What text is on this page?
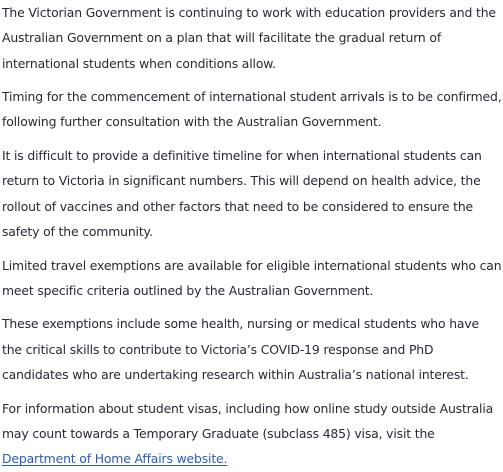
The Victorian Government is continuing to work with education providers and the Australian Government on a plan that will facilitate the gradual return of international students when conditions allow.

Timing for the commencement of international student arrivals is to be confirmed, following further consultation with the Australian Government.

It is difficult to provide a definitive timeline for when international students can return to Victoria in significant numbers. This will depend on health advice, the rollout of vaccines and other factors that need to be considered to ensure the safety of the community.

Limited travel exemptions are available for eligible international students who can meet specific criteria outlined by the Australian Government.

These exemptions include some health, nursing or medical students who have the critical skills to contribute to Victoria’s COVID-19 response and PhD candidates who are undertaking research within Australia’s national interest.

For information about student visas, including how online study outside Australia may count towards a Temporary Graduate (subclass 485) visa, visit the Department of Home Affairs website.
